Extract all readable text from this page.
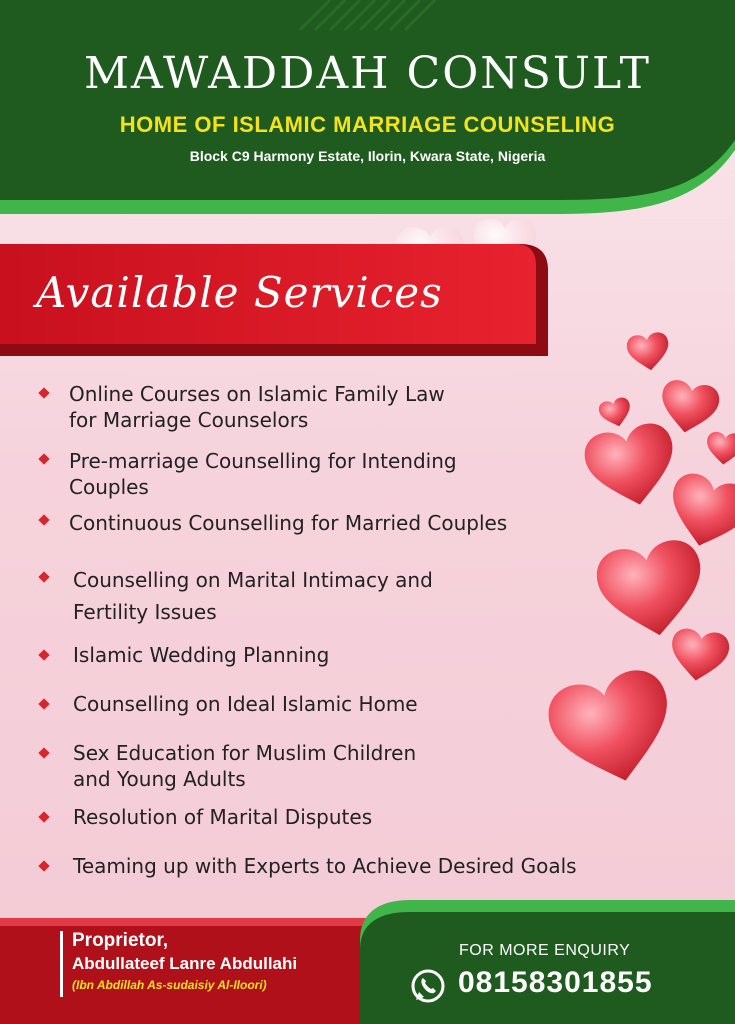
MAWADDAH CONSULT
HOME OF ISLAMIC MARRIAGE COUNSELING
Block C9 Harmony Estate, Ilorin, Kwara State, Nigeria
Available Services
Online Courses on Islamic Family Law
for Marriage Counselors
Pre-marriage Counselling for Intending
Couples
Continuous Counselling for Married Couples
Counselling on Marital Intimacy and
Fertility Issues
Islamic Wedding Planning
Counselling on Ideal Islamic Home
Sex Education for Muslim Children
and Young Adults
Resolution of Marital Disputes
Teaming up with Experts to Achieve Desired Goals
Proprietor,
Abdullateef Lanre Abdullahi
(Ibn Abdillah As-sudaisiy Al-Iloori)
FOR MORE ENQUIRY
08158301855
